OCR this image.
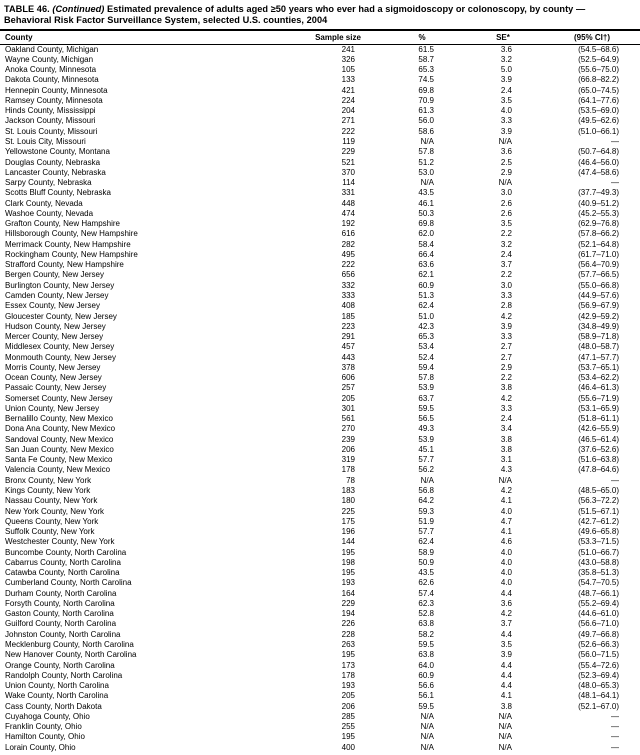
TABLE 46. (Continued) Estimated prevalence of adults aged ≥50 years who ever had a sigmoidoscopy or colonoscopy, by county —
Behavioral Risk Factor Surveillance System, selected U.S. counties, 2004
County	Sample size	%	SE*	(95% CI†)	
Oakland County, Michigan	241	61.5	3.6	(54.5–68.6)	
Wayne County, Michigan	326	58.7	3.2	(52.5–64.9)	
Anoka County, Minnesota	105	65.3	5.0	(55.6–75.0)	
Dakota County, Minnesota	133	74.5	3.9	(66.8–82.2)	
Hennepin County, Minnesota	421	69.8	2.4	(65.0–74.5)	
Ramsey County, Minnesota	224	70.9	3.5	(64.1–77.6)	
Hinds County, Mississippi	204	61.3	4.0	(53.5–69.0)	
Jackson County, Missouri	271	56.0	3.3	(49.5–62.6)	
St. Louis County, Missouri	222	58.6	3.9	(51.0–66.1)	
St. Louis City, Missouri	119	N/A	N/A	—	
Yellowstone County, Montana	229	57.8	3.6	(50.7–64.8)	
Douglas County, Nebraska	521	51.2	2.5	(46.4–56.0)	
Lancaster County, Nebraska	370	53.0	2.9	(47.4–58.6)	
Sarpy County, Nebraska	114	N/A	N/A	—	
Scotts Bluff County, Nebraska	331	43.5	3.0	(37.7–49.3)	
Clark County, Nevada	448	46.1	2.6	(40.9–51.2)	
Washoe County, Nevada	474	50.3	2.6	(45.2–55.3)	
Grafton County, New Hampshire	192	69.8	3.5	(62.9–76.8)	
Hillsborough County, New Hampshire	616	62.0	2.2	(57.8–66.2)	
Merrimack County, New Hampshire	282	58.4	3.2	(52.1–64.8)	
Rockingham County, New Hampshire	495	66.4	2.4	(61.7–71.0)	
Strafford County, New Hampshire	222	63.6	3.7	(56.4–70.9)	
Bergen County, New Jersey	656	62.1	2.2	(57.7–66.5)	
Burlington County, New Jersey	332	60.9	3.0	(55.0–66.8)	
Camden County, New Jersey	333	51.3	3.3	(44.9–57.6)	
Essex County, New Jersey	408	62.4	2.8	(56.9–67.9)	
Gloucester County, New Jersey	185	51.0	4.2	(42.9–59.2)	
Hudson County, New Jersey	223	42.3	3.9	(34.8–49.9)	
Mercer County, New Jersey	291	65.3	3.3	(58.9–71.8)	
Middlesex County, New Jersey	457	53.4	2.7	(48.0–58.7)	
Monmouth County, New Jersey	443	52.4	2.7	(47.1–57.7)	
Morris County, New Jersey	378	59.4	2.9	(53.7–65.1)	
Ocean County, New Jersey	606	57.8	2.2	(53.4–62.2)	
Passaic County, New Jersey	257	53.9	3.8	(46.4–61.3)	
Somerset County, New Jersey	205	63.7	4.2	(55.6–71.9)	
Union County, New Jersey	301	59.5	3.3	(53.1–65.9)	
Bernalillo County, New Mexico	561	56.5	2.4	(51.8–61.1)	
Dona Ana County, New Mexico	270	49.3	3.4	(42.6–55.9)	
Sandoval County, New Mexico	239	53.9	3.8	(46.5–61.4)	
San Juan County, New Mexico	206	45.1	3.8	(37.6–52.6)	
Santa Fe County, New Mexico	319	57.7	3.1	(51.6–63.8)	
Valencia County, New Mexico	178	56.2	4.3	(47.8–64.6)	
Bronx County, New York	78	N/A	N/A	—	
Kings County, New York	183	56.8	4.2	(48.5–65.0)	
Nassau County, New York	180	64.2	4.1	(56.3–72.2)	
New York County, New York	225	59.3	4.0	(51.5–67.1)	
Queens County, New York	175	51.9	4.7	(42.7–61.2)	
Suffolk County, New York	196	57.7	4.1	(49.6–65.8)	
Westchester County, New York	144	62.4	4.6	(53.3–71.5)	
Buncombe County, North Carolina	195	58.9	4.0	(51.0–66.7)	
Cabarrus County, North Carolina	198	50.9	4.0	(43.0–58.8)	
Catawba County, North Carolina	195	43.5	4.0	(35.8–51.3)	
Cumberland County, North Carolina	193	62.6	4.0	(54.7–70.5)	
Durham County, North Carolina	164	57.4	4.4	(48.7–66.1)	
Forsyth County, North Carolina	229	62.3	3.6	(55.2–69.4)	
Gaston County, North Carolina	194	52.8	4.2	(44.6–61.0)	
Guilford County, North Carolina	226	63.8	3.7	(56.6–71.0)	
Johnston County, North Carolina	228	58.2	4.4	(49.7–66.8)	
Mecklenburg County, North Carolina	263	59.5	3.5	(52.6–66.3)	
New Hanover County, North Carolina	195	63.8	3.9	(56.0–71.5)	
Orange County, North Carolina	173	64.0	4.4	(55.4–72.6)	
Randolph County, North Carolina	178	60.9	4.4	(52.3–69.4)	
Union County, North Carolina	193	56.6	4.4	(48.0–65.3)	
Wake County, North Carolina	205	56.1	4.1	(48.1–64.1)	
Cass County, North Dakota	206	59.5	3.8	(52.1–67.0)	
Cuyahoga County, Ohio	285	N/A	N/A	—	
Franklin County, Ohio	255	N/A	N/A	—	
Hamilton County, Ohio	195	N/A	N/A	—	
Lorain County, Ohio	400	N/A	N/A	—	
